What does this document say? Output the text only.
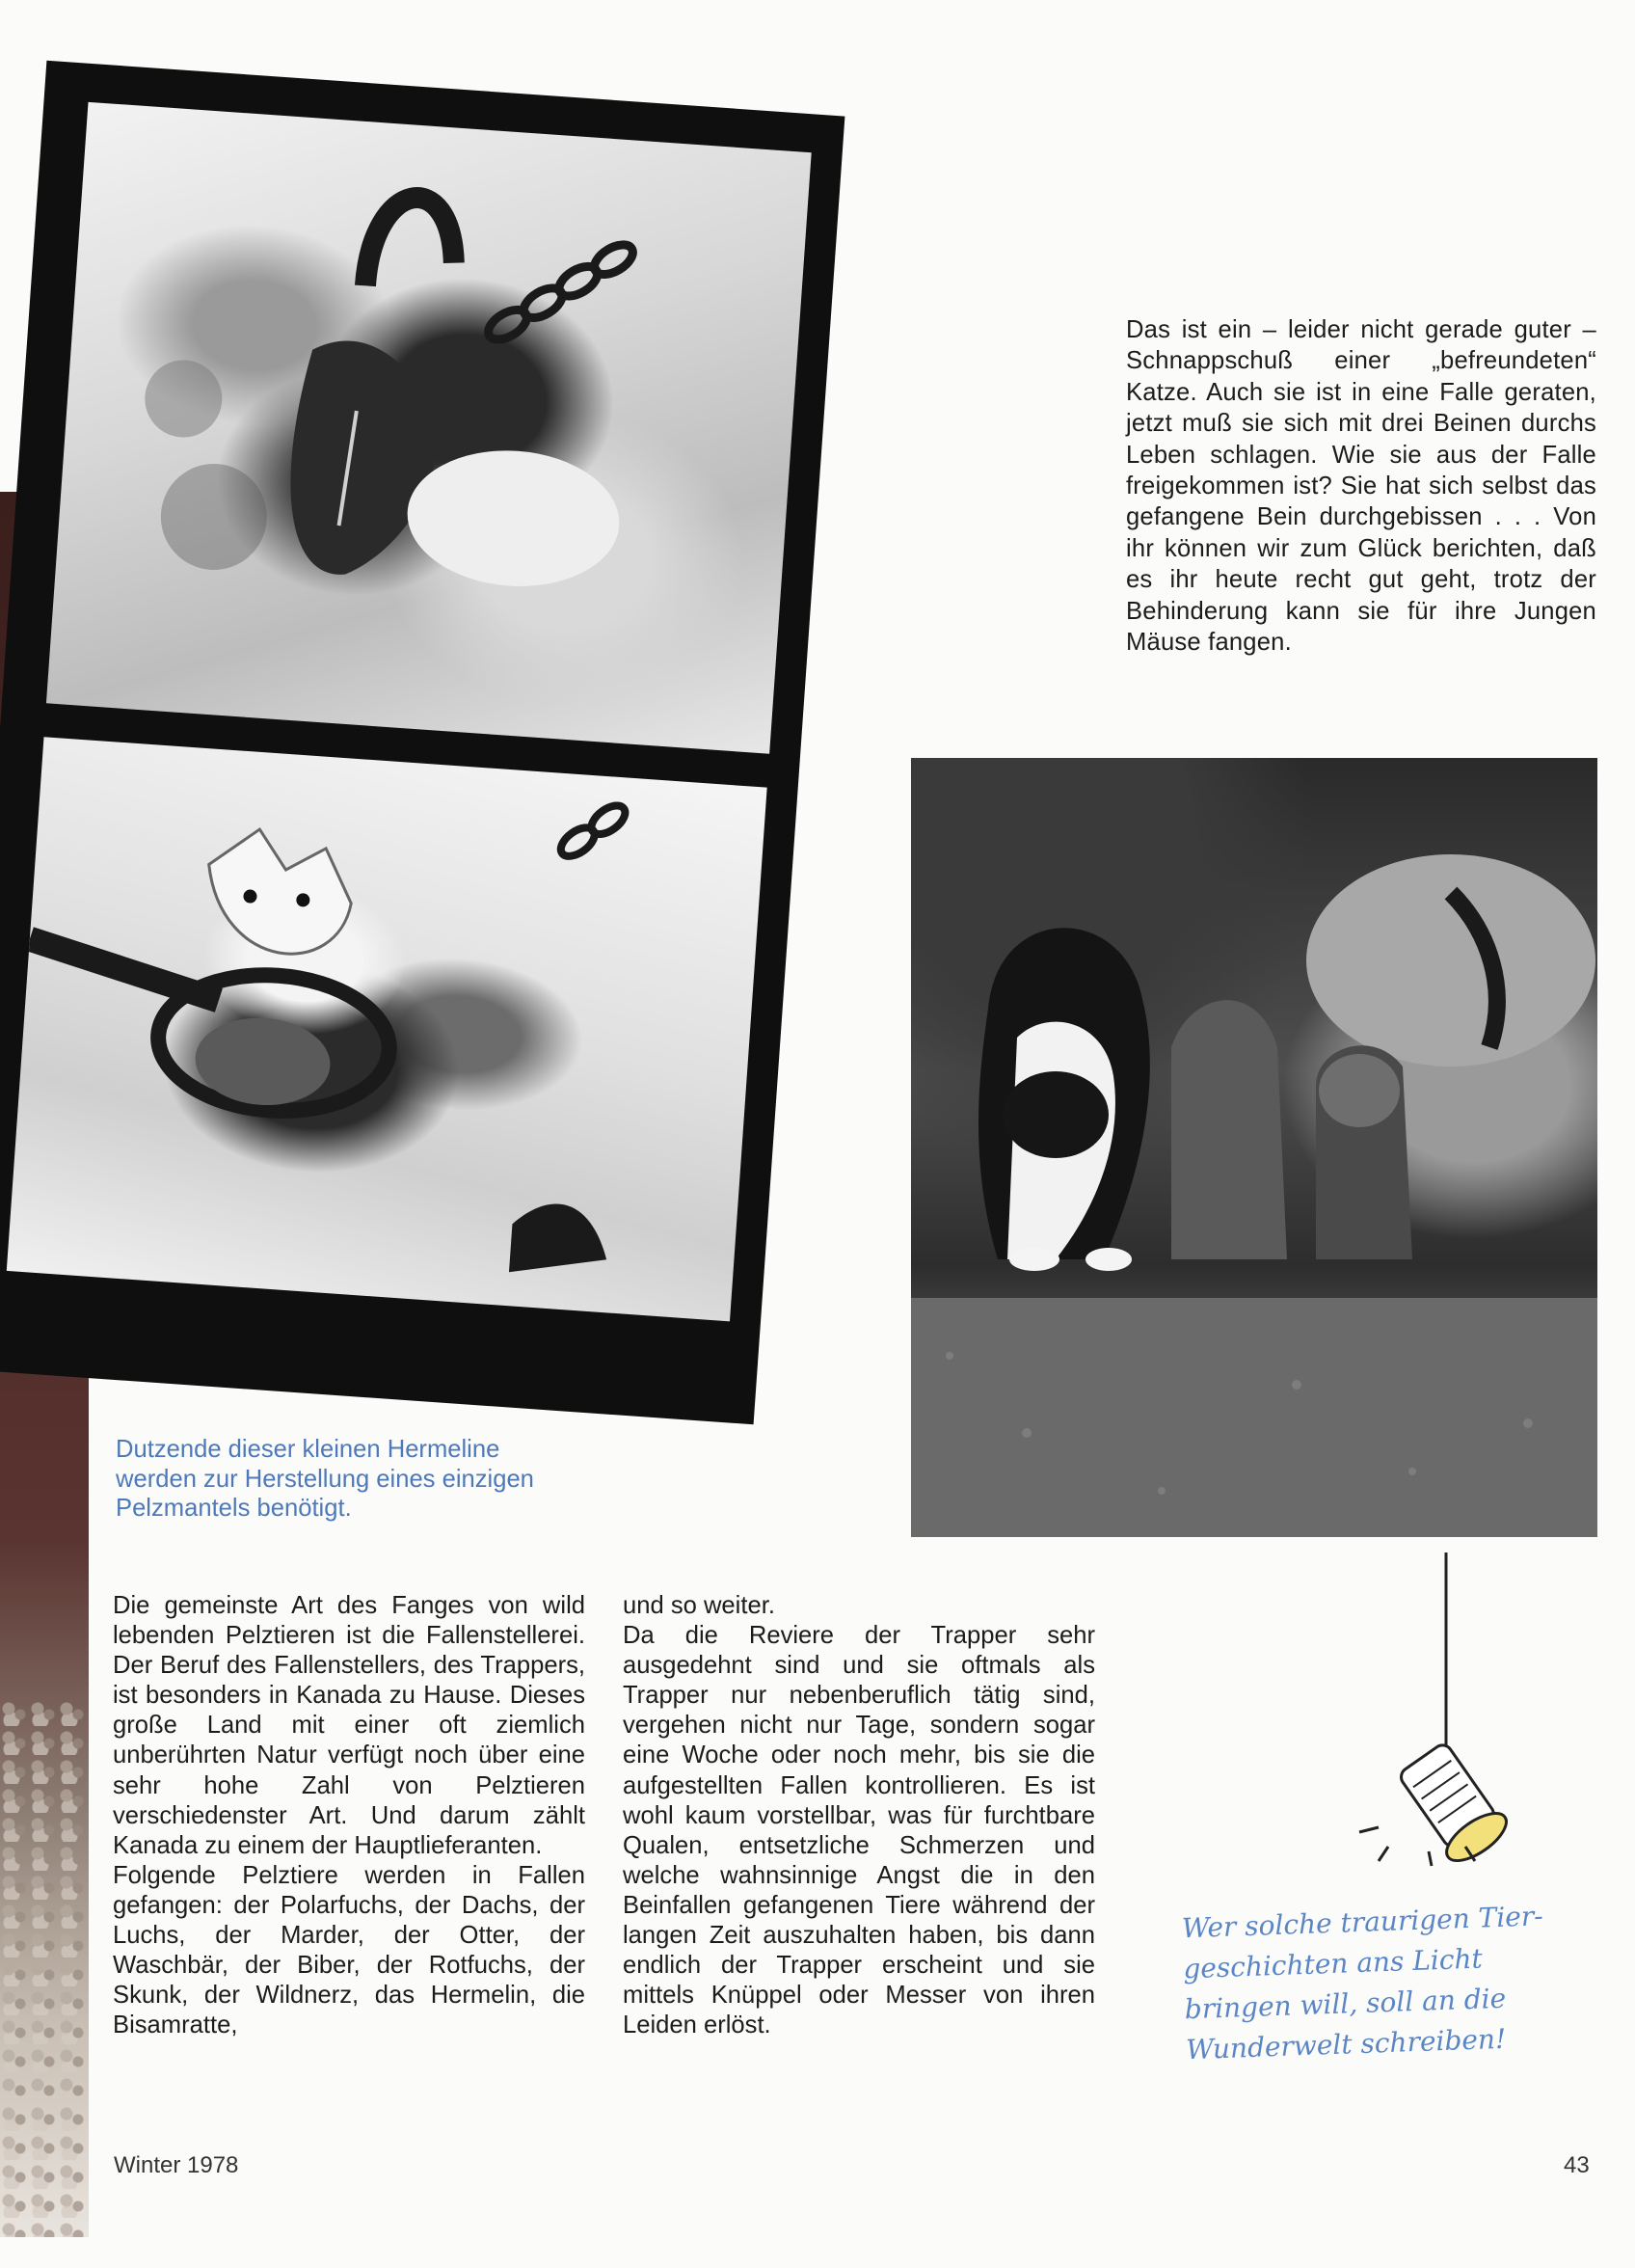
Das ist ein – leider nicht gerade guter – Schnappschuß einer „befreundeten“ Katze. Auch sie ist in eine Falle geraten, jetzt muß sie sich mit drei Beinen durchs Leben schlagen. Wie sie aus der Falle freigekommen ist? Sie hat sich selbst das gefangene Bein durchgebissen . . . Von ihr können wir zum Glück berichten, daß es ihr heute recht gut geht, trotz der Behinderung kann sie für ihre Jungen Mäuse fangen.

Dutzende dieser kleinen Hermeline werden zur Herstellung eines einzigen Pelzmantels benötigt.

Die gemeinste Art des Fanges von wild lebenden Pelztieren ist die Fallenstellerei. Der Beruf des Fallenstellers, des Trappers, ist besonders in Kanada zu Hause. Dieses große Land mit einer oft ziemlich unberührten Natur verfügt noch über eine sehr hohe Zahl von Pelztieren verschiedenster Art. Und darum zählt Kanada zu einem der Hauptlieferanten.

Folgende Pelztiere werden in Fallen gefangen: der Polarfuchs, der Dachs, der Luchs, der Marder, der Otter, der Waschbär, der Biber, der Rotfuchs, der Skunk, der Wildnerz, das Hermelin, die Bisamratte,

und so weiter.

Da die Reviere der Trapper sehr ausgedehnt sind und sie oftmals als Trapper nur nebenberuflich tätig sind, vergehen nicht nur Tage, sondern sogar eine Woche oder noch mehr, bis sie die aufgestellten Fallen kontrollieren. Es ist wohl kaum vorstellbar, was für furchtbare Qualen, entsetzliche Schmerzen und welche wahnsinnige Angst die in den Beinfallen gefangenen Tiere während der langen Zeit auszuhalten haben, bis dann endlich der Trapper erscheint und sie mittels Knüppel oder Messer von ihren Leiden erlöst.

Wer solche traurigen Tier-geschichten ans Licht bringen will, soll an die Wunderwelt schreiben!
Winter 1978	43
